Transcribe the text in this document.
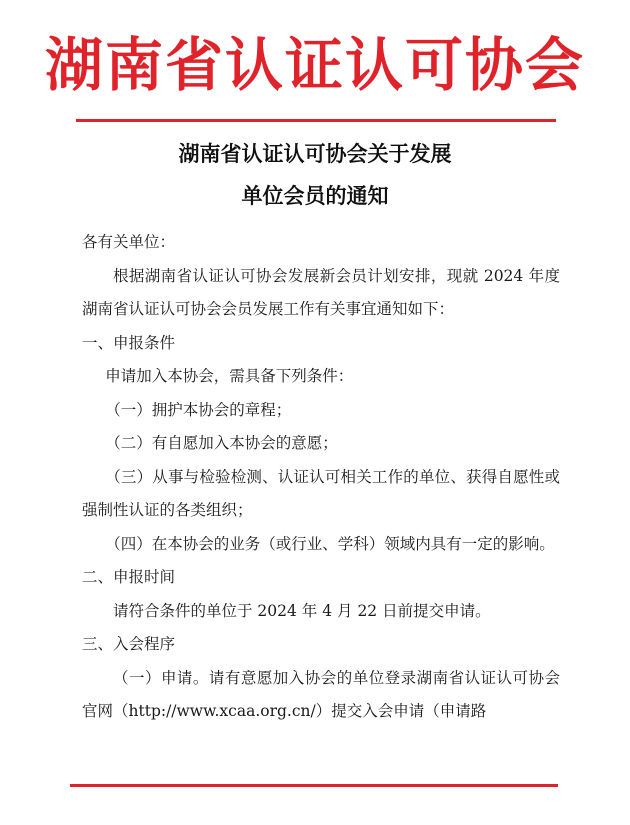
湖南省认证认可协会
湖南省认证认可协会关于发展
单位会员的通知

各有关单位：

根据湖南省认证认可协会发展新会员计划安排，现就 2024 年度湖南省认证认可协会会员发展工作有关事宜通知如下：

一、申报条件

申请加入本协会，需具备下列条件：

（一）拥护本协会的章程；

（二）有自愿加入本协会的意愿；

（三）从事与检验检测、认证认可相关工作的单位、获得自愿性或强制性认证的各类组织；

（四）在本协会的业务（或行业、学科）领域内具有一定的影响。

二、申报时间

请符合条件的单位于 2024 年 4 月 22 日前提交申请。

三、入会程序

（一）申请。请有意愿加入协会的单位登录湖南省认证认可协会官网（http://www.xcaa.org.cn/）提交入会申请（申请路
